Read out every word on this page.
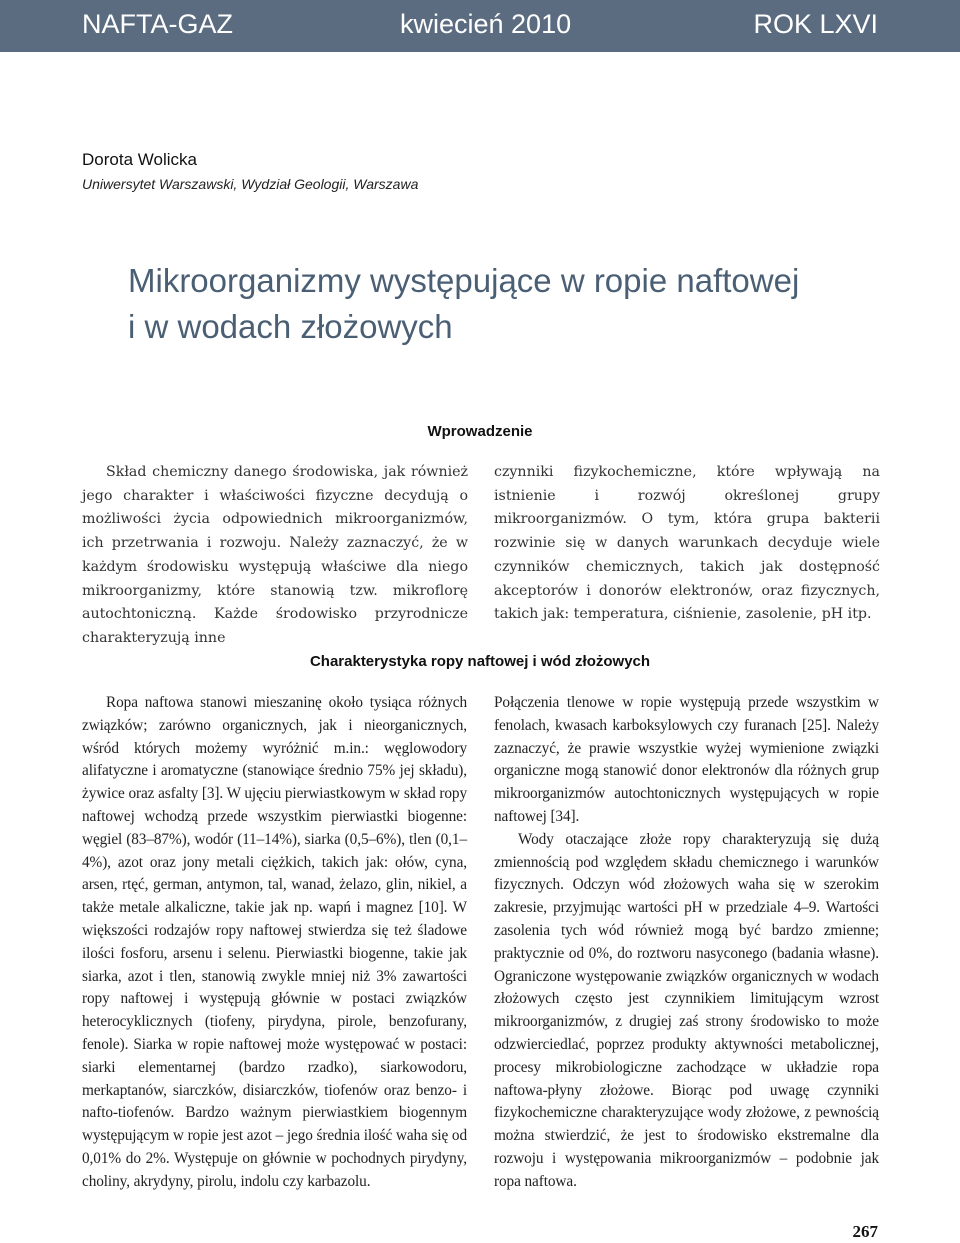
NAFTA-GAZ	kwiecień 2010	ROK LXVI
Dorota Wolicka
Uniwersytet Warszawski, Wydział Geologii, Warszawa
Mikroorganizmy występujące w ropie naftowej
i w wodach złożowych
Wprowadzenie

Skład chemiczny danego środowiska, jak również jego charakter i właściwości fizyczne decydują o możliwości życia odpowiednich mikroorganizmów, ich przetrwania i rozwoju. Należy zaznaczyć, że w każdym środowisku występują właściwe dla niego mikroorganizmy, które stanowią tzw. mikroflorę autochtoniczną. Każde środowisko przyrodnicze charakteryzują inne

czynniki fizykochemiczne, które wpływają na istnienie i rozwój określonej grupy mikroorganizmów. O tym, która grupa bakterii rozwinie się w danych warunkach decyduje wiele czynników chemicznych, takich jak dostępność akceptorów i donorów elektronów, oraz fizycznych, takich jak: temperatura, ciśnienie, zasolenie, pH itp.

Charakterystyka ropy naftowej i wód złożowych

Ropa naftowa stanowi mieszaninę około tysiąca różnych związków; zarówno organicznych, jak i nieorganicznych, wśród których możemy wyróżnić m.in.: węglowodory alifatyczne i aromatyczne (stanowiące średnio 75% jej składu), żywice oraz asfalty [3]. W ujęciu pierwiastkowym w skład ropy naftowej wchodzą przede wszystkim pierwiastki biogenne: węgiel (83–87%), wodór (11–14%), siarka (0,5–6%), tlen (0,1–4%), azot oraz jony metali ciężkich, takich jak: ołów, cyna, arsen, rtęć, german, antymon, tal, wanad, żelazo, glin, nikiel, a także metale alkaliczne, takie jak np. wapń i magnez [10]. W większości rodzajów ropy naftowej stwierdza się też śladowe ilości fosforu, arsenu i selenu. Pierwiastki biogenne, takie jak siarka, azot i tlen, stanowią zwykle mniej niż 3% zawartości ropy naftowej i występują głównie w postaci związków heterocyklicznych (tiofeny, pirydyna, pirole, benzofurany, fenole). Siarka w ropie naftowej może występować w postaci: siarki elementarnej (bardzo rzadko), siarkowodoru, merkaptanów, siarczków, disiarczków, tiofenów oraz benzo- i nafto-tiofenów. Bardzo ważnym pierwiastkiem biogennym występującym w ropie jest azot – jego średnia ilość waha się od 0,01% do 2%. Występuje on głównie w pochodnych pirydyny, choliny, akrydyny, pirolu, indolu czy karbazolu.

Połączenia tlenowe w ropie występują przede wszystkim w fenolach, kwasach karboksylowych czy furanach [25]. Należy zaznaczyć, że prawie wszystkie wyżej wymienione związki organiczne mogą stanowić donor elektronów dla różnych grup mikroorganizmów autochtonicznych występujących w ropie naftowej [34].

Wody otaczające złoże ropy charakteryzują się dużą zmiennością pod względem składu chemicznego i warunków fizycznych. Odczyn wód złożowych waha się w szerokim zakresie, przyjmując wartości pH w przedziale 4–9. Wartości zasolenia tych wód również mogą być bardzo zmienne; praktycznie od 0%, do roztworu nasyconego (badania własne). Ograniczone występowanie związków organicznych w wodach złożowych często jest czynnikiem limitującym wzrost mikroorganizmów, z drugiej zaś strony środowisko to może odzwierciedlać, poprzez produkty aktywności metabolicznej, procesy mikrobiologiczne zachodzące w układzie ropa naftowa-płyny złożowe. Biorąc pod uwagę czynniki fizykochemiczne charakteryzujące wody złożowe, z pewnością można stwierdzić, że jest to środowisko ekstremalne dla rozwoju i występowania mikroorganizmów – podobnie jak ropa naftowa.

267
